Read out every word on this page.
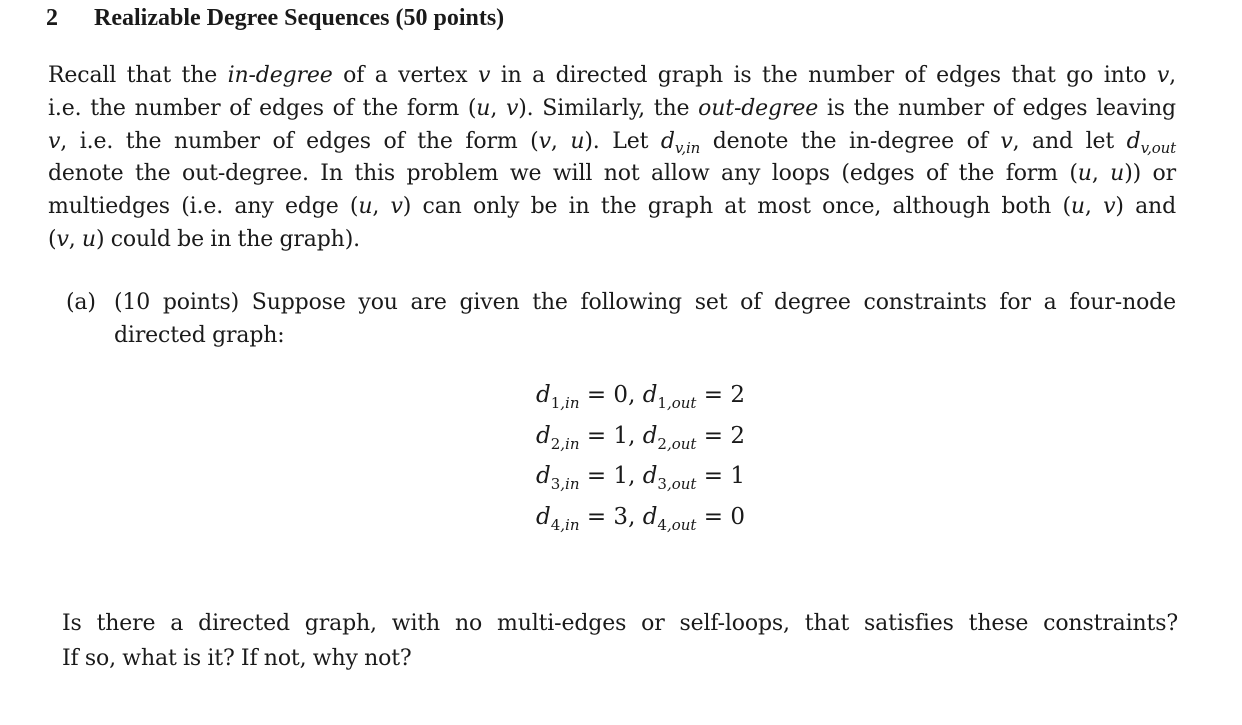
2 Realizable Degree Sequences (50 points)
Recall that the in-degree of a vertex v in a directed graph is the number of edges that go into v,
i.e. the number of edges of the form (u, v). Similarly, the out-degree is the number of edges leaving
v, i.e. the number of edges of the form (v, u). Let $d_{v,in}$ denote the in-degree of v, and let $d_{v,out}$
denote the out-degree. In this problem we will not allow any loops (edges of the form (u, u)) or
multiedges (i.e. any edge (u, v) can only be in the graph at most once, although both (u, v) and
(v, u) could be in the graph).
(a) (10 points) Suppose you are given the following set of degree constraints for a four-node
directed graph:
$d_{1,in} = 0$, $d_{1,out} = 2$
$d_{2,in} = 1$, $d_{2,out} = 2$
$d_{3,in} = 1$, $d_{3,out} = 1$
$d_{4,in} = 3$, $d_{4,out} = 0$
Is there a directed graph, with no multi-edges or self-loops, that satisfies these constraints?
If so, what is it? If not, why not?
